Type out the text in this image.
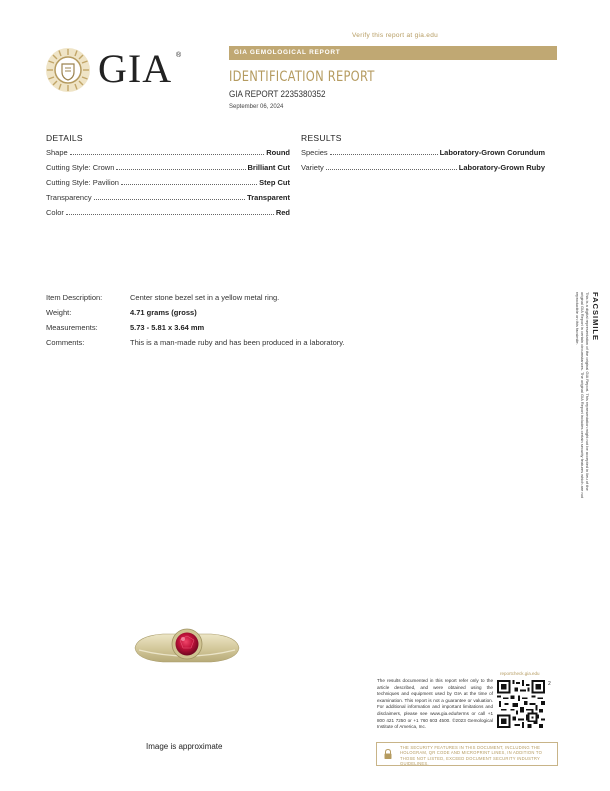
Verify this report at gia.edu
GIA ®	GIA GEMOLOGICAL REPORT
IDENTIFICATION REPORT
GIA REPORT 2235380352
September 06, 2024
DETAILS
Shape	Round
Cutting Style: Crown	Brilliant Cut
Cutting Style: Pavilion	Step Cut
Transparency	Transparent
Color	Red
RESULTS
Species	Laboratory-Grown Corundum
Variety	Laboratory-Grown Ruby
Item Description:	Center stone bezel set in a yellow metal ring.
Weight:	4.71 grams (gross)
Measurements:	5.73 - 5.81 x 3.64 mm
Comments:	This is a man-made ruby and has been produced in a laboratory.
FACSIMILE
This is a digital representation of the original GIA Report. This representation might not be accepted in lieu of the original GIA Report in certain circumstances. The original GIA Report includes certain security features which are not reproducible on this facsimile.
Image is approximate
The results documented in this report refer only to the article described, and were obtained using the techniques and equipment used by GIA at the time of examination. This report is not a guarantee or valuation. For additional information and important limitations and disclaimers, please see www.gia.edu/terms or call +1 800 421 7250 or +1 760 603 4500. ©2023 Gemological Institute of America, Inc.
reportcheck.gia.edu
2
THE SECURITY FEATURES IN THIS DOCUMENT, INCLUDING THE HOLOGRAM, QR CODE AND MICROPRINT LINES, IN ADDITION TO THOSE NOT LISTED, EXCEED DOCUMENT SECURITY INDUSTRY GUIDELINES.
